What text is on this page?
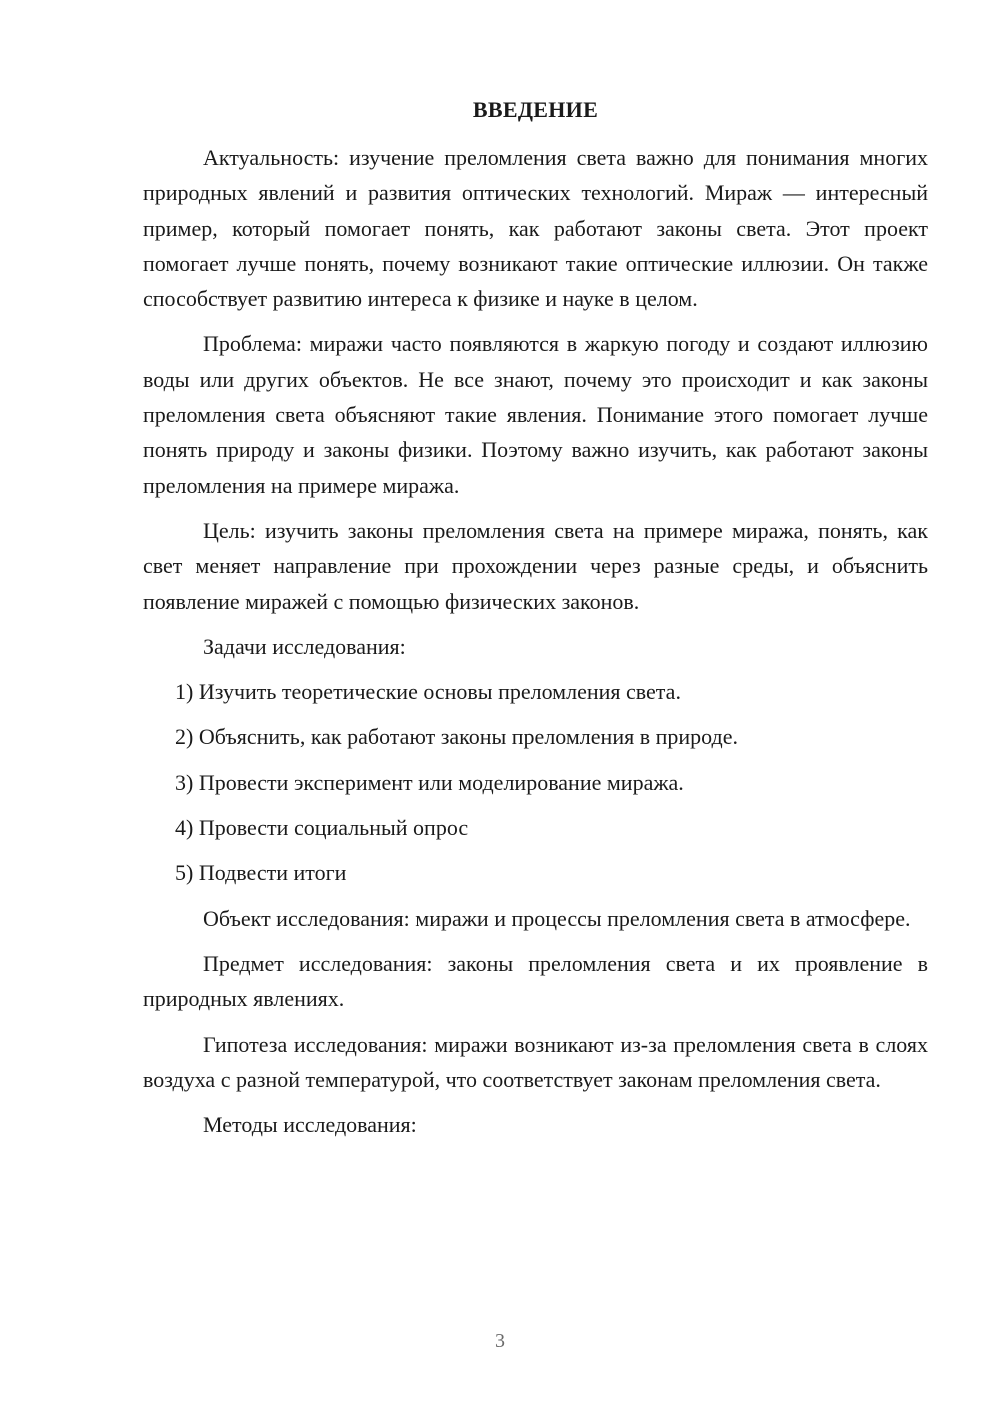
ВВЕДЕНИЕ

Актуальность: изучение преломления света важно для понимания многих природных явлений и развития оптических технологий. Мираж — интересный пример, который помогает понять, как работают законы света. Этот проект помогает лучше понять, почему возникают такие оптические иллюзии. Он также способствует развитию интереса к физике и науке в целом.

Проблема: миражи часто появляются в жаркую погоду и создают иллюзию воды или других объектов. Не все знают, почему это происходит и как законы преломления света объясняют такие явления. Понимание этого помогает лучше понять природу и законы физики. Поэтому важно изучить, как работают законы преломления на примере миража.

Цель: изучить законы преломления света на примере миража, понять, как свет меняет направление при прохождении через разные среды, и объяснить появление миражей с помощью физических законов.

Задачи исследования:

1) Изучить теоретические основы преломления света.
2) Объяснить, как работают законы преломления в природе.
3) Провести эксперимент или моделирование миража.
4) Провести социальный опрос
5) Подвести итоги

Объект исследования: миражи и процессы преломления света в атмосфере.

Предмет исследования: законы преломления света и их проявление в природных явлениях.

Гипотеза исследования: миражи возникают из-за преломления света в слоях воздуха с разной температурой, что соответствует законам преломления света.

Методы исследования:

3
